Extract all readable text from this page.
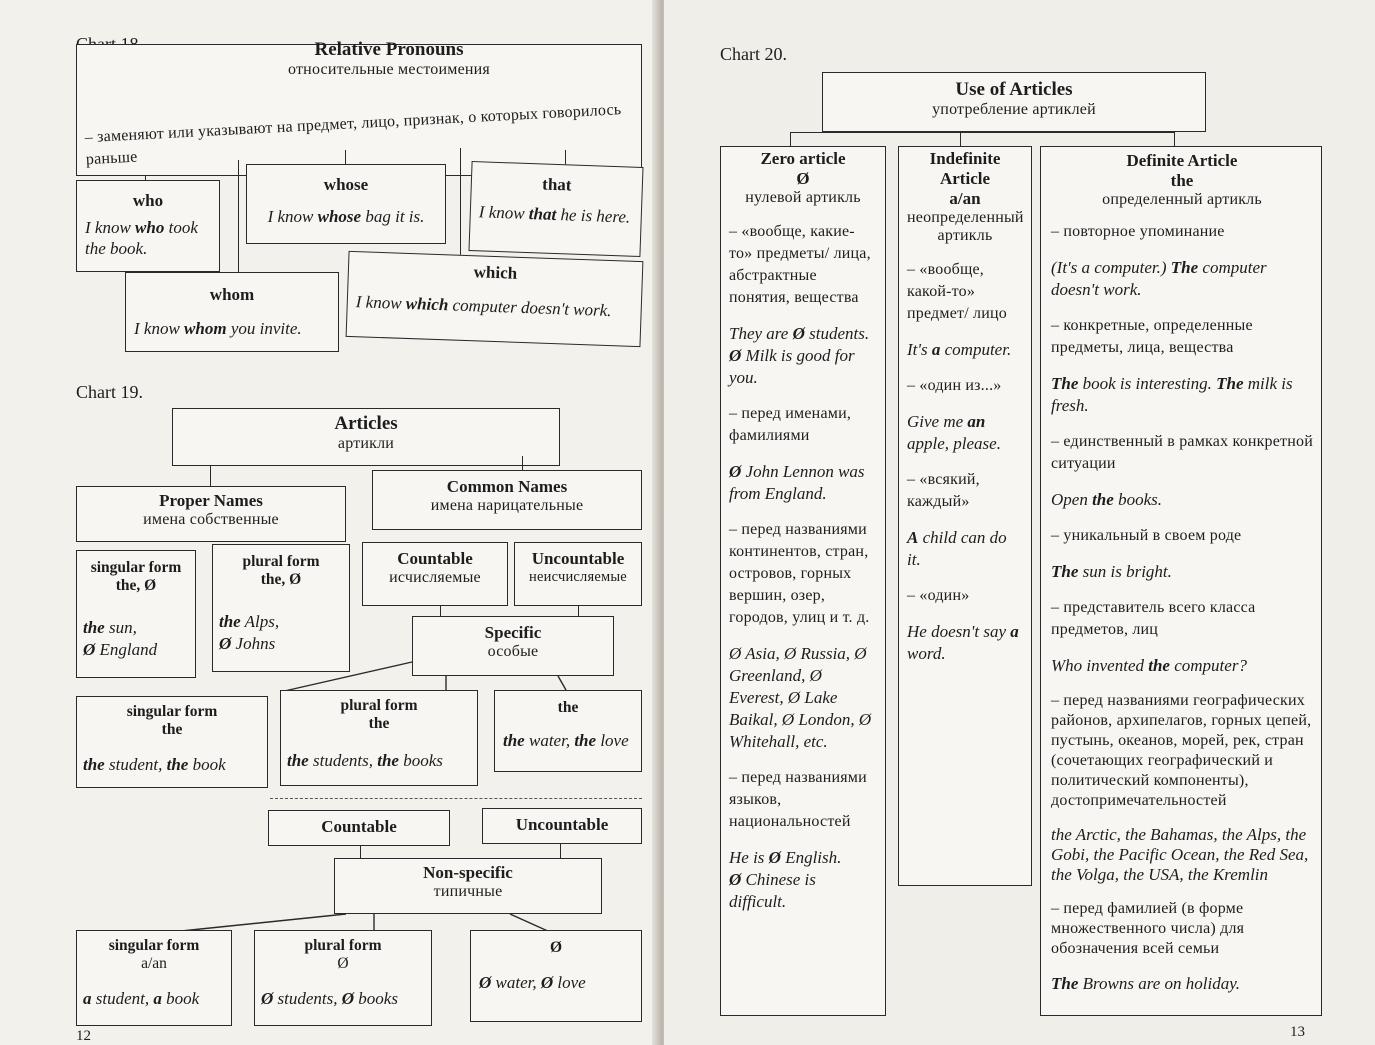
Relative Pronouns
относительные местоимения
– заменяют или указывают на предмет, лицо, признак, о которых говорилось раньше
who
I know who took the book.
whose
I know whose bag it is.
that
I know that he is here.
whom
I know whom you invite.
which
I know which computer doesn't work.
Chart 19.
Articles
артикли
Proper Names
имена собственные
Common Names
имена нарицательные
singular form
the, Ø
the sun,
Ø England
plural form
the, Ø
the Alps,
Ø Johns
Countable
исчисляемые
Uncountable
неисчисляемые
Specific
особые
singular form
the
the student, the book
plural form
the
the students, the books
the
the water, the love
Countable	Uncountable
Non-specific
типичные
singular form
a/an
a student, a book
plural form
Ø
Ø students, Ø books
Ø
Ø water, Ø love
12
Chart 20.
Use of Articles
употребление артиклей
Zero article
Ø
нулевой артикль

– «вообще, какие-то» предметы/ лица, абстрактные понятия, вещества

They are Ø students.
Ø Milk is good for you.

– перед именами, фамилиями

Ø John Lennon was from England.

– перед названиями континентов, стран, островов, горных вершин, озер, городов, улиц и т. д.

Ø Asia, Ø Russia, Ø Greenland, Ø Everest, Ø Lake Baikal, Ø London, Ø Whitehall, etc.

– перед названиями языков, национальностей

He is Ø English.
Ø Chinese is difficult.

Indefinite
Article
a/an
неопределенный артикль

– «вообще, какой-то» предмет/ лицо

It's a computer.

– «один из...»

Give me an apple, please.

– «всякий, каждый»

A child can do it.

– «один»

He doesn't say a word.

Definite Article
the
определенный артикль

– повторное упоминание

(It's a computer.) The computer doesn't work.

– конкретные, определенные предметы, лица, вещества

The book is interesting. The milk is fresh.

– единственный в рамках конкретной ситуации

Open the books.

– уникальный в своем роде

The sun is bright.

– представитель всего класса предметов, лиц

Who invented the computer?

– перед названиями географических районов, архипелагов, горных цепей, пустынь, океанов, морей, рек, стран (сочетающих географический и политический компоненты), достопримечательностей

the Arctic, the Bahamas, the Alps, the Gobi, the Pacific Ocean, the Red Sea, the Volga, the USA, the Kremlin

– перед фамилией (в форме множественного числа) для обозначения всей семьи

The Browns are on holiday.

13
